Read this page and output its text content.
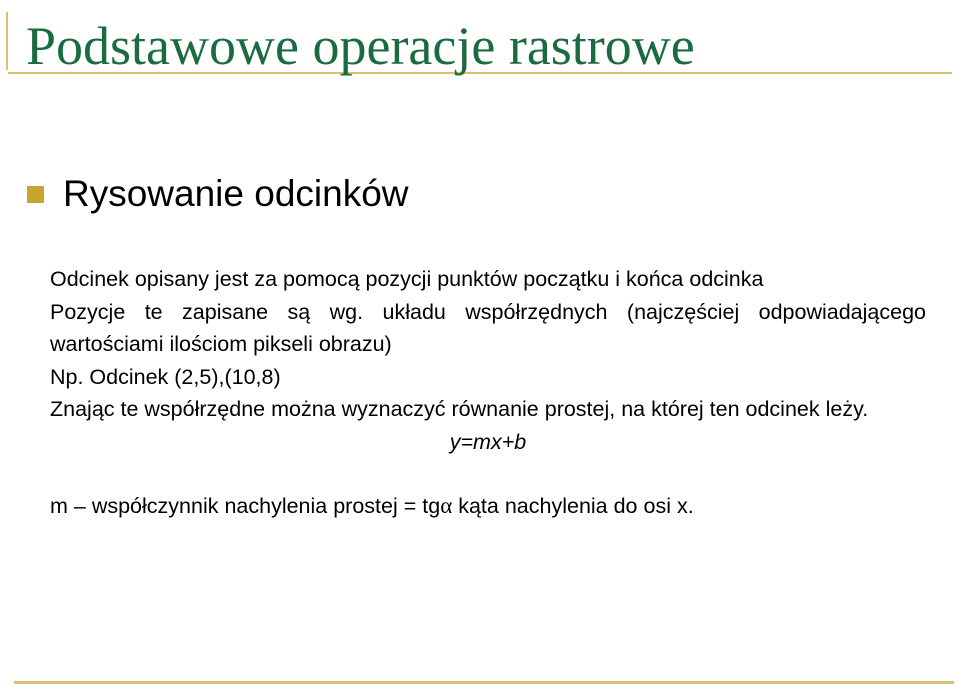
Podstawowe operacje rastrowe
Rysowanie odcinków

Odcinek opisany jest za pomocą pozycji punktów początku i końca odcinka

Pozycje te zapisane są wg. układu współrzędnych (najczęściej odpowiadającego wartościami ilościom pikseli obrazu)

Np. Odcinek (2,5),(10,8)

Znając te współrzędne można wyznaczyć równanie prostej, na której ten odcinek leży.

y=mx+b

m – współczynnik nachylenia prostej = tgα kąta nachylenia do osi x.
